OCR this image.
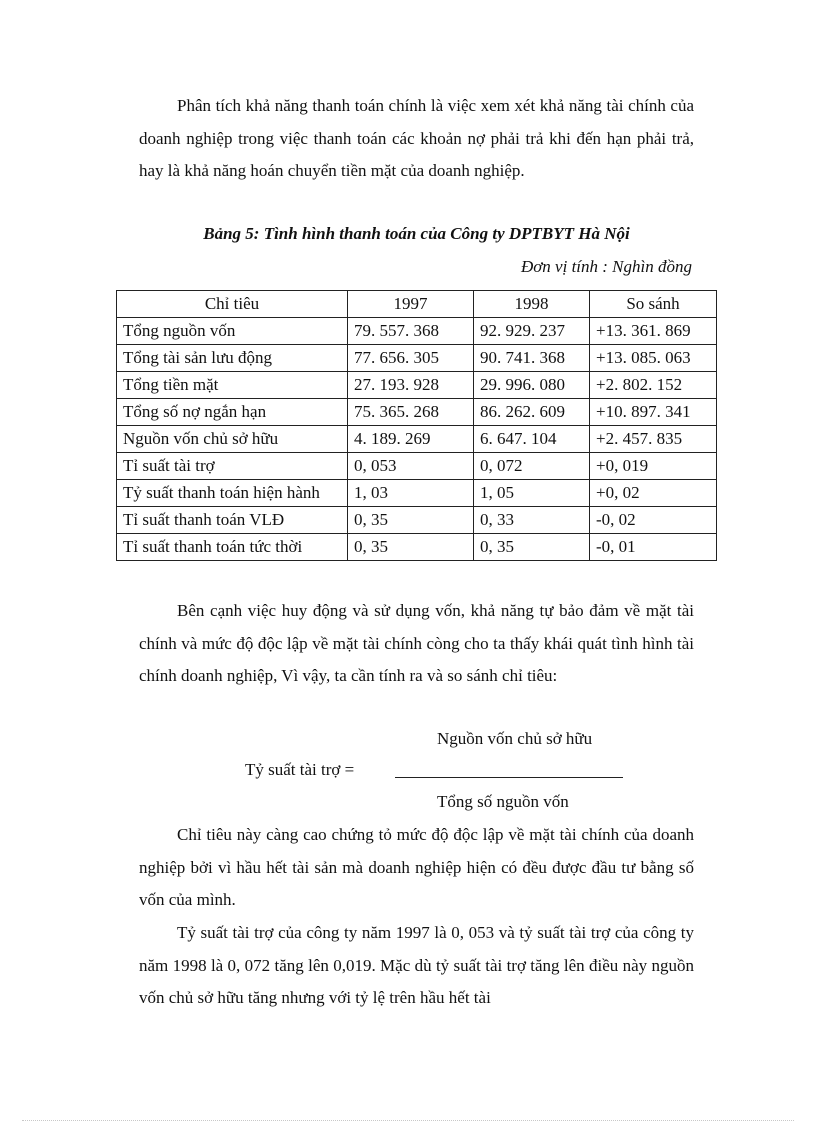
Phân tích khả năng thanh toán chính là việc xem xét khả năng tài chính của doanh nghiệp trong việc thanh toán các khoản nợ phải trả khi đến hạn phải trả, hay là khả năng hoán chuyển tiền mặt của doanh nghiệp.

Bảng 5: Tình hình thanh toán của Công ty DPTBYT Hà Nội

Đơn vị tính : Nghìn đồng

Chỉ tiêu	1997	1998	So sánh
Tổng nguồn vốn	79. 557. 368	92. 929. 237	+13. 361. 869
Tổng tài sản lưu động	77. 656. 305	90. 741. 368	+13. 085. 063
Tổng tiền mặt	27. 193. 928	29. 996. 080	+2. 802. 152
Tổng số nợ ngắn hạn	75. 365. 268	86. 262. 609	+10. 897. 341
Nguồn vốn chủ sở hữu	4. 189. 269	6. 647. 104	+2. 457. 835
Tỉ suất tài trợ	0, 053	0, 072	+0, 019
Tỷ suất thanh toán hiện hành	1, 03	1, 05	+0, 02
Tỉ suất thanh toán VLĐ	0, 35	0, 33	-0, 02
Tỉ suất thanh toán tức thời	0, 35	0, 35	-0, 01

Bên cạnh việc huy động và sử dụng vốn, khả năng tự bảo đảm về mặt tài chính và mức độ độc lập về mặt tài chính còng cho ta thấy khái quát tình hình tài chính doanh nghiệp, Vì vậy, ta cần tính ra và so sánh chỉ tiêu:

Nguồn vốn chủ sở hữu
Tỷ suất tài trợ =
Tổng số nguồn vốn

Chỉ tiêu này càng cao chứng tỏ mức độ độc lập về mặt tài chính của doanh nghiệp bởi vì hầu hết tài sản mà doanh nghiệp hiện có đều được đầu tư bằng số vốn của mình.

Tỷ suất tài trợ của công ty năm 1997 là 0, 053 và tỷ suất tài trợ của công ty năm 1998 là 0, 072 tăng lên 0,019. Mặc dù tỷ suất tài trợ tăng lên điều này nguồn vốn chủ sở hữu tăng nhưng với tỷ lệ trên hầu hết tài
